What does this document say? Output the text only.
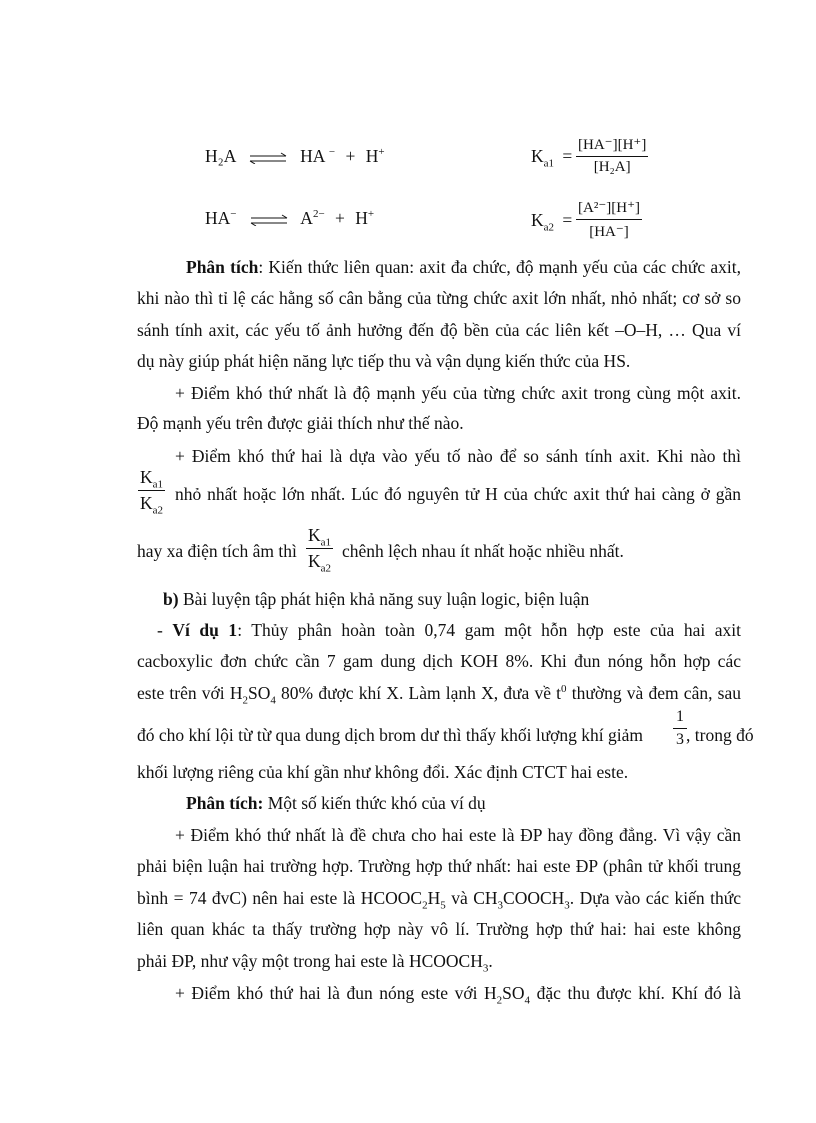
H₂A ⇌ HA − + H+	$K_{a1} = \frac{[HA^-][H^+]}{\text{[H₂A]}}$
HA− ⇌ $A^{2-} + H^+$	$K_{a2} = \frac{\text{[A²⁻][H⁺]}}{[HA^-]}$
Phân tích: Kiến thức liên quan: axit đa chức, độ mạnh yếu của các chức axit,
khi nào thì tỉ lệ các hằng số cân bằng của từng chức axit lớn nhất, nhỏ nhất; cơ sở so
sánh tính axit, các yếu tố ảnh hưởng đến độ bền của các liên kết –O–H, … Qua ví
dụ này giúp phát hiện năng lực tiếp thu và vận dụng kiến thức của HS.
+ Điểm khó thứ nhất là độ mạnh yếu của từng chức axit trong cùng một axit.
Độ mạnh yếu trên được giải thích như thế nào.
+ Điểm khó thứ hai là dựa vào yếu tố nào để so sánh tính axit. Khi nào thì
$\frac{K_{a1}}{K_{a2}}$ nhỏ nhất hoặc lớn nhất. Lúc đó nguyên tử H của chức axit thứ hai càng ở gần
hay xa điện tích âm thì $\frac{K_{a1}}{K_{a2}}$ chênh lệch nhau ít nhất hoặc nhiều nhất.
b) Bài luyện tập phát hiện khả năng suy luận logic, biện luận
- Ví dụ 1: Thủy phân hoàn toàn 0,74 gam một hỗn hợp este của hai axit
cacboxylic đơn chức cần 7 gam dung dịch KOH 8%. Khi đun nóng hỗn hợp các
este trên với $H_2SO_4$ 80% được khí X. Làm lạnh X, đưa về $t^0$ thường và đem cân, sau
đó cho khí lội từ từ qua dung dịch brom dư thì thấy khối lượng khí giảm $\frac{1}{3}$ , trong đó
khối lượng riêng của khí gần như không đổi. Xác định CTCT hai este.
Phân tích: Một số kiến thức khó của ví dụ
+ Điểm khó thứ nhất là đề chưa cho hai este là ĐP hay đồng đẳng. Vì vậy cần
phải biện luận hai trường hợp. Trường hợp thứ nhất: hai este ĐP (phân tử khối trung
bình = 74 đvC) nên hai este là $HCOOC_2H_5$ và $CH_3COOCH_3$. Dựa vào các kiến thức
liên quan khác ta thấy trường hợp này vô lí. Trường hợp thứ hai: hai este không
phải ĐP, như vậy một trong hai este là $HCOOCH_3$.
+ Điểm khó thứ hai là đun nóng este với $H_2SO_4$ đặc thu được khí. Khí đó là
